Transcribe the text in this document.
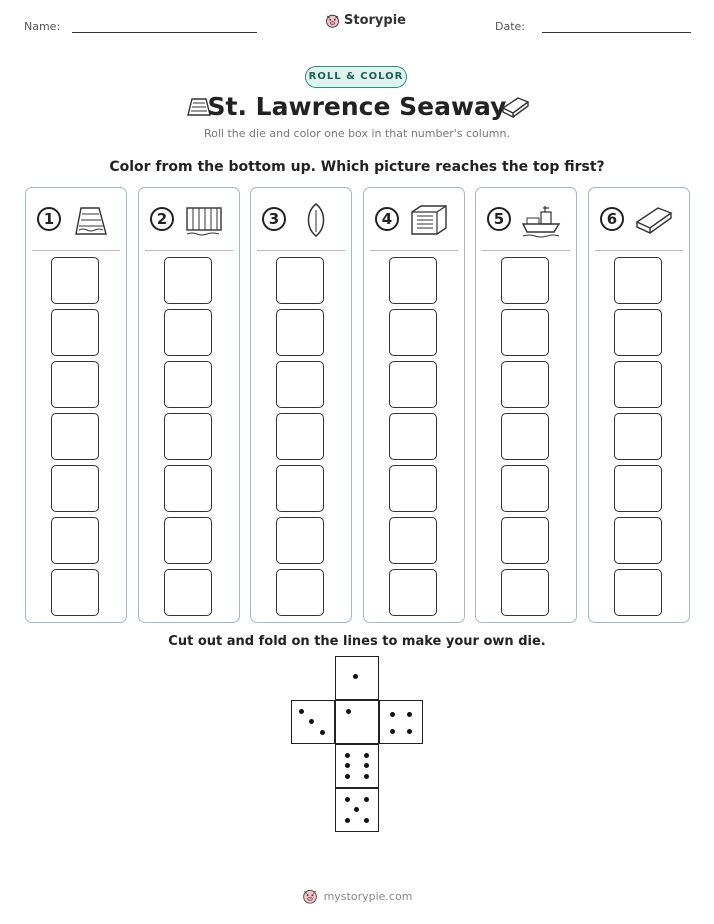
Name:	Storypie	Date:
ROLL & COLOR
St. Lawrence Seaway
Roll the die and color one box in that number's column.
Color from the bottom up. Which picture reaches the top first?
1	2	3	4	5	6
Cut out and fold on the lines to make your own die.
mystorypie.com
